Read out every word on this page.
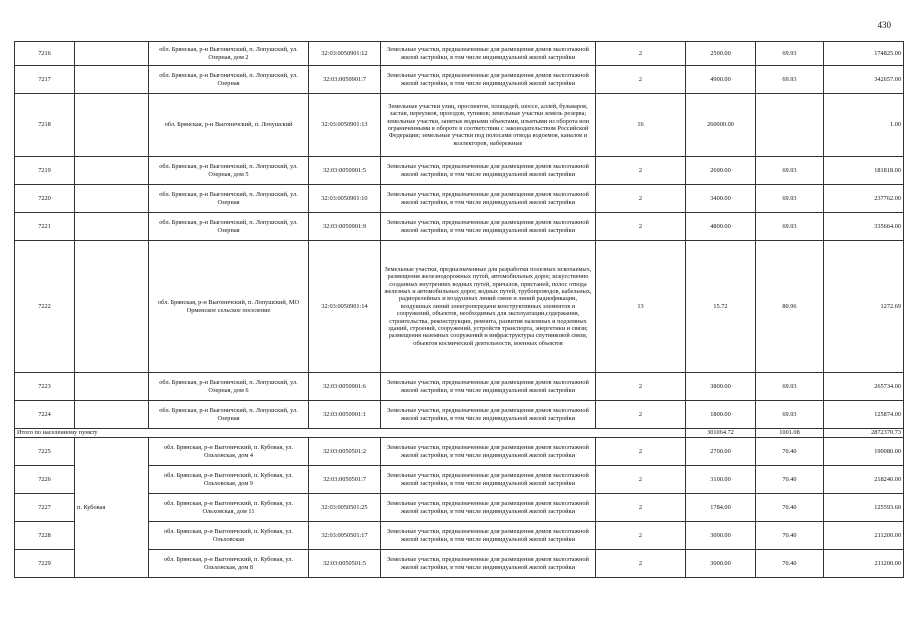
430
7216		обл. Брянская, р-н Выгоничский, п. Лопушский, ул. Озерная, дом 2	32:03:0050901:12	Земельные участки, предназначенные для размещения домов малоэтажной жилой застройки, в том числе индивидуальной жилой застройки	2	2500.00	69.93	174825.00
7217		обл. Брянская, р-н Выгоничский, п. Лопушский, ул. Озерная	32:03:0050901:7	Земельные участки, предназначенные для размещения домов малоэтажной жилой застройки, в том числе индивидуальной жилой застройки	2	4900.00	69.93	342657.00
7218		обл. Брянская, р-н Выгоничский, п. Лопушский	32:03:0050901:13	Земельные участки улиц, проспектов, площадей, шоссе, аллей, бульваров, застав, переулков, проездов, тупиков; земельные участки земель резерва; земельные участки, занятые водными объектами, изъятыми из оборота или ограниченными в обороте в соответствии с законодательством Российской Федерации; земельные участки под полосами отвода водоемов, каналов и коллекторов, набережные	16	260000.00		1.00
7219		обл. Брянская, р-н Выгоничский, п. Лопушский, ул. Озерная, дом 5	32:03:0050901:5	Земельные участки, предназначенные для размещения домов малоэтажной жилой застройки, в том числе индивидуальной жилой застройки	2	2600.00	69.93	181818.00
7220		обл. Брянская, р-н Выгоничский, п. Лопушский, ул. Озерная	32:03:0050901:10	Земельные участки, предназначенные для размещения домов малоэтажной жилой застройки, в том числе индивидуальной жилой застройки	2	3400.00	69.93	237762.00
7221		обл. Брянская, р-н Выгоничский, п. Лопушский, ул. Озерная	32:03:0050901:9	Земельные участки, предназначенные для размещения домов малоэтажной жилой застройки, в том числе индивидуальной жилой застройки	2	4800.00	69.93	335664.00
7222		обл. Брянская, р-н Выгоничский, п. Лопушский, МО Орменское сельское поселение	32:03:0050901:14	Земельные участки, предназначенные для разработки полезных ископаемых, размещения железнодорожных путей, автомобильных дорог, искусственно созданных внутренних водных путей, причалов, пристаней, полос отвода железных и автомобильных дорог, водных путей, трубопроводов, кабельных, радиорелейных и воздушных линий связи и линий радиофикации, воздушных линий электропередачи конструктивных элементов и сооружений, объектов, необходимых для эксплуатации,содержания, строительства, реконструкции, ремонта, развития наземных и подземных зданий, строений, сооружений, устройств транспорта, энергетики и связи; размещения наземных сооружений и инфраструктуры спутниковой связи, объектов космической деятельности, военных объектов	13	15.72	80.96	1272.69
7223		обл. Брянская, р-н Выгоничский, п. Лопушский, ул. Озерная, дом 6	32:03:0050901:6	Земельные участки, предназначенные для размещения домов малоэтажной жилой застройки, в том числе индивидуальной жилой застройки	2	3800.00	69.93	265734.00
7224		обл. Брянская, р-н Выгоничский, п. Лопушский, ул. Озерная	32:03:0050901:1	Земельные участки, предназначенные для размещения домов малоэтажной жилой застройки, в том числе индивидуальной жилой застройки	2	1800.00	69.93	125874.00
Итого по населенному пункту						301064.72	1001.08	2872370.73
7225	п. Кубовая	обл. Брянская, р-н Выгоничский, п. Кубовая, ул. Ольховская, дом 4	32:03:0050501:2	Земельные участки, предназначенные для размещения домов малоэтажной жилой застройки, в том числе индивидуальной жилой застройки	2	2700.00	70.40	190080.00
7226		обл. Брянская, р-н Выгоничский, п. Кубовая, ул. Ольховская, дом 9	32:03:0050501:7	Земельные участки, предназначенные для размещения домов малоэтажной жилой застройки, в том числе индивидуальной жилой застройки	2	3100.00	70.40	218240.00
7227		обл. Брянская, р-н Выгоничский, п. Кубовая, ул. Ольховская, дом 11	32:03:0050501:25	Земельные участки, предназначенные для размещения домов малоэтажной жилой застройки, в том числе индивидуальной жилой застройки	2	1784.00	70.40	125593.60
7228		обл. Брянская, р-н Выгоничский, п. Кубовая, ул. Ольховская	32:03:0050501:17	Земельные участки, предназначенные для размещения домов малоэтажной жилой застройки, в том числе индивидуальной жилой застройки	2	3000.00	70.40	211200.00
7229		обл. Брянская, р-н Выгоничский, п. Кубовая, ул. Ольховская, дом 8	32:03:0050501:5	Земельные участки, предназначенные для размещения домов малоэтажной жилой застройки, в том числе индивидуальной жилой застройки	2	3000.00	70.40	211200.00
